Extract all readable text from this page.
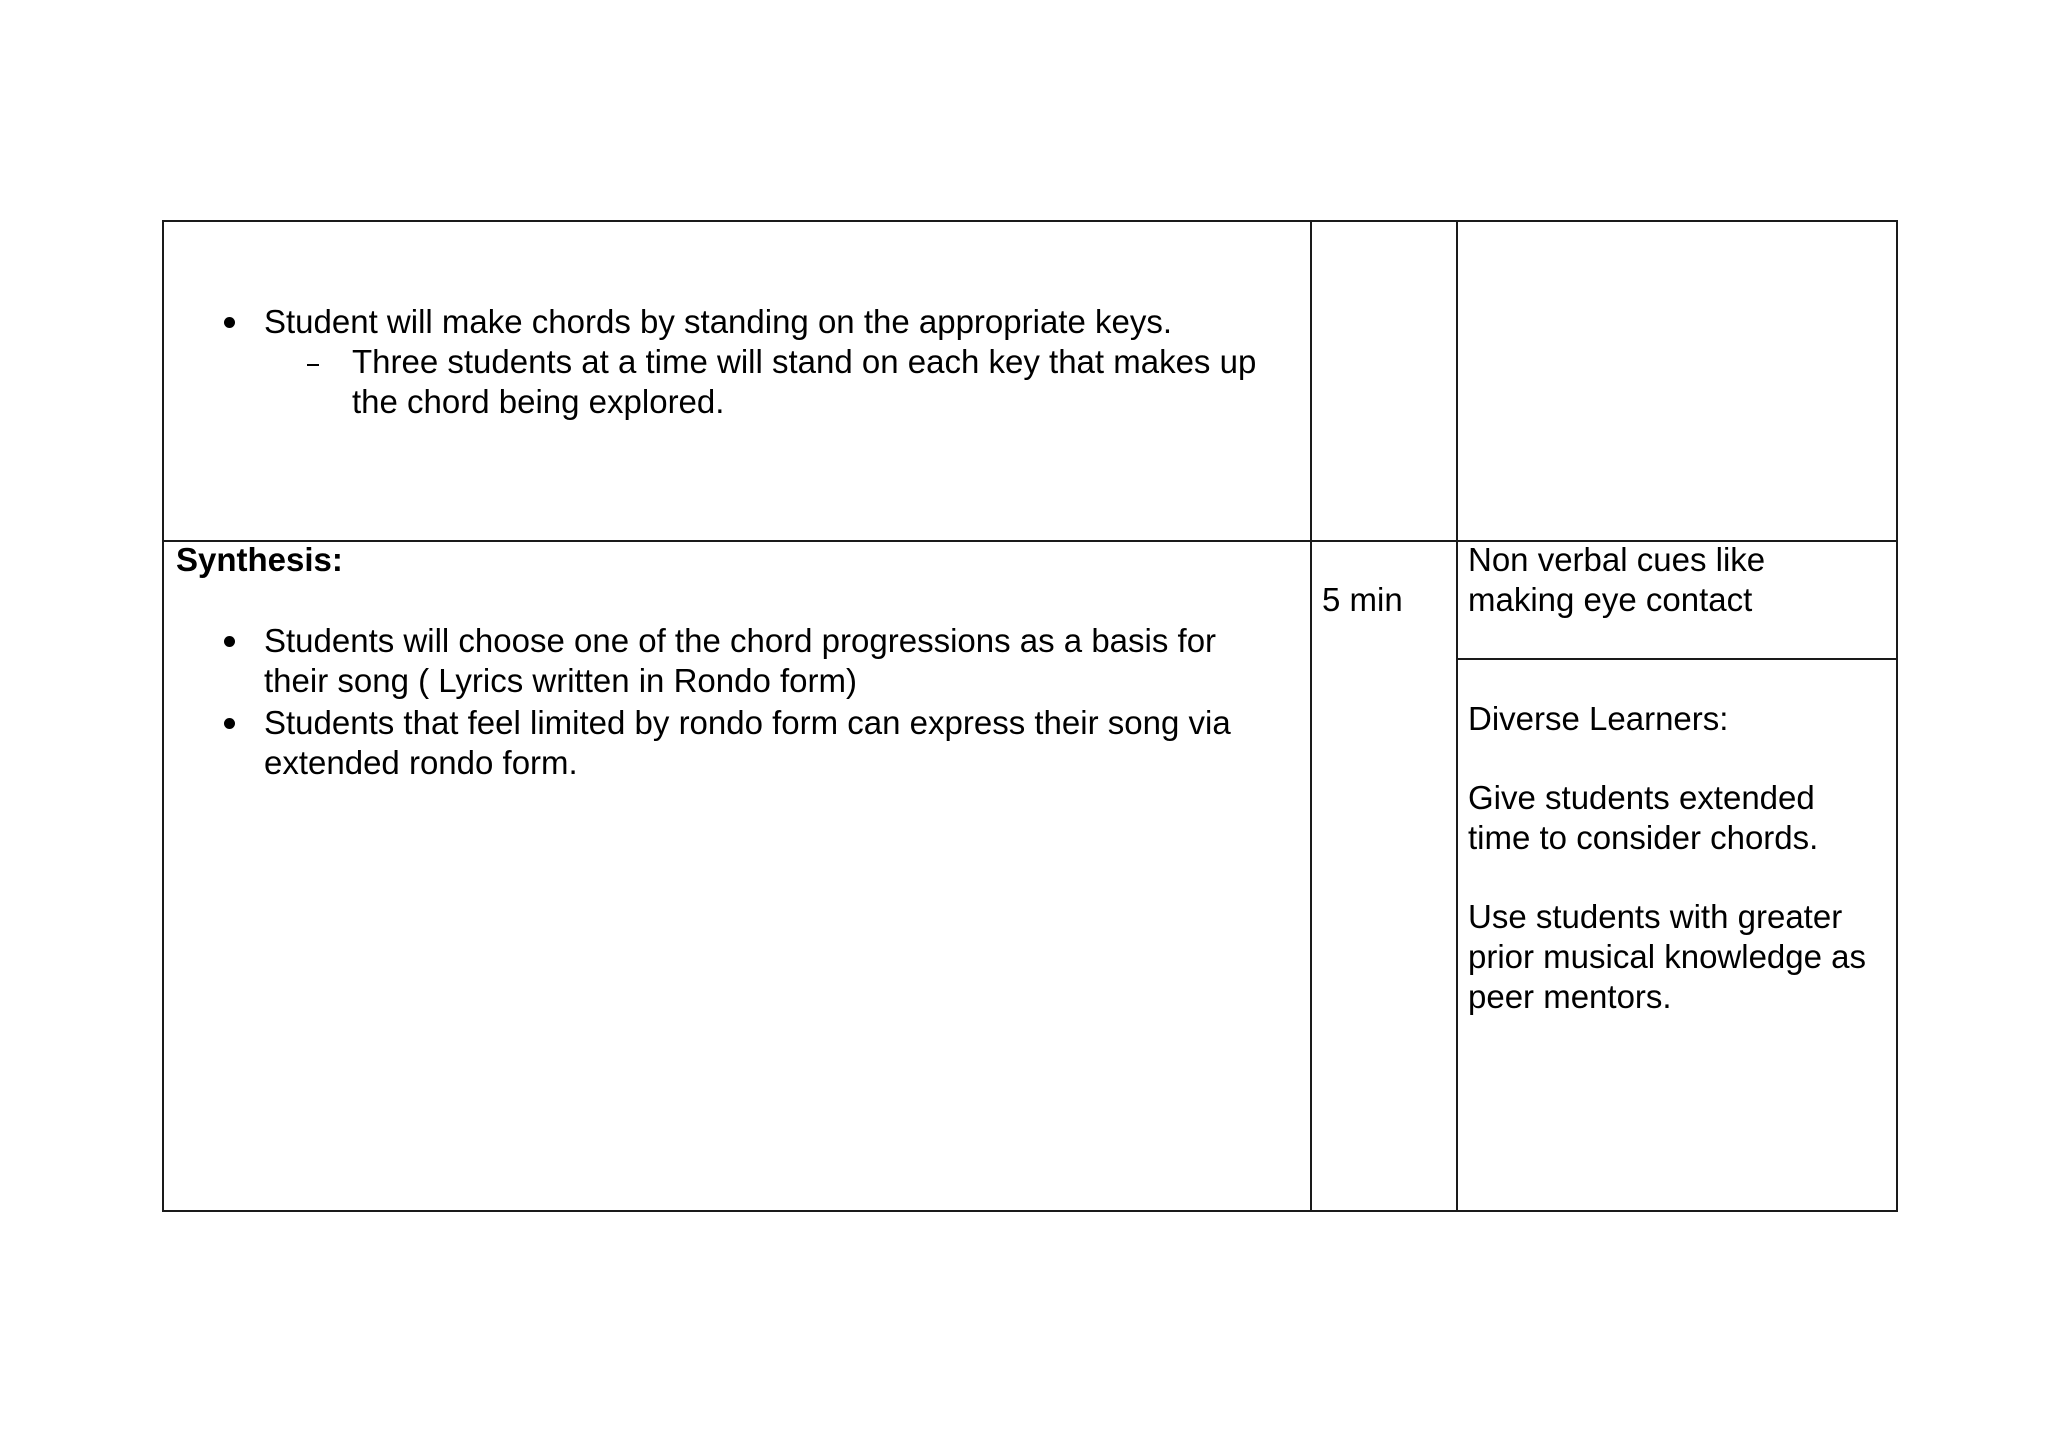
Student will make chords by standing on the appropriate keys.
Three students at a time will stand on each key that makes up
the chord being explored.
Synthesis:
Students will choose one of the chord progressions as a basis for
their song ( Lyrics written in Rondo form)
Students that feel limited by rondo form can express their song via
extended rondo form.
5 min
Non verbal cues like
making eye contact
Diverse Learners:
Give students extended
time to consider chords.
Use students with greater
prior musical knowledge as
peer mentors.
